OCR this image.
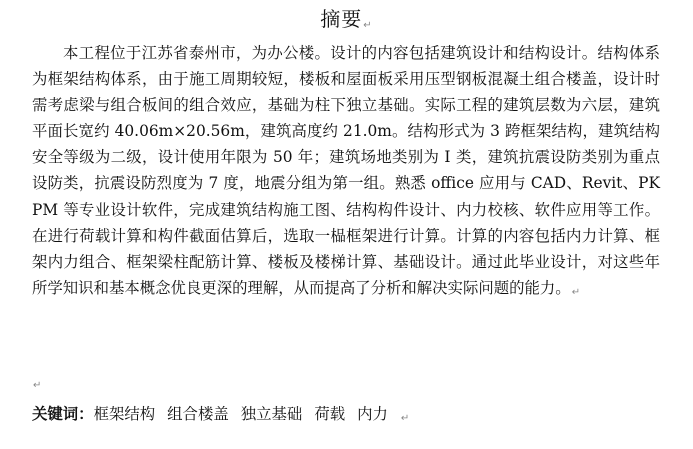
摘要↵

本工程位于江苏省泰州市，为办公楼。设计的内容包括建筑设计和结构设计。结构体系为框架结构体系，由于施工周期较短，楼板和屋面板采用压型钢板混凝土组合楼盖，设计时需考虑梁与组合板间的组合效应，基础为柱下独立基础。实际工程的建筑层数为六层，建筑平面长宽约 40.06m×20.56m，建筑高度约 21.0m。结构形式为 3 跨框架结构，建筑结构安全等级为二级，设计使用年限为 50 年；建筑场地类别为 Ⅰ 类，建筑抗震设防类别为重点设防类，抗震设防烈度为 7 度，地震分组为第一组。熟悉 office 应用与 CAD、Revit、PKPM 等专业设计软件，完成建筑结构施工图、结构构件设计、内力校核、软件应用等工作。在进行荷载计算和构件截面估算后，选取一榀框架进行计算。计算的内容包括内力计算、框架内力组合、框架梁柱配筋计算、楼板及楼梯计算、基础设计。通过此毕业设计，对这些年所学知识和基本概念优良更深的理解，从而提高了分析和解决实际问题的能力。↵

↵
关键词：框架结构 组合楼盖 独立基础 荷载 内力 ↵
